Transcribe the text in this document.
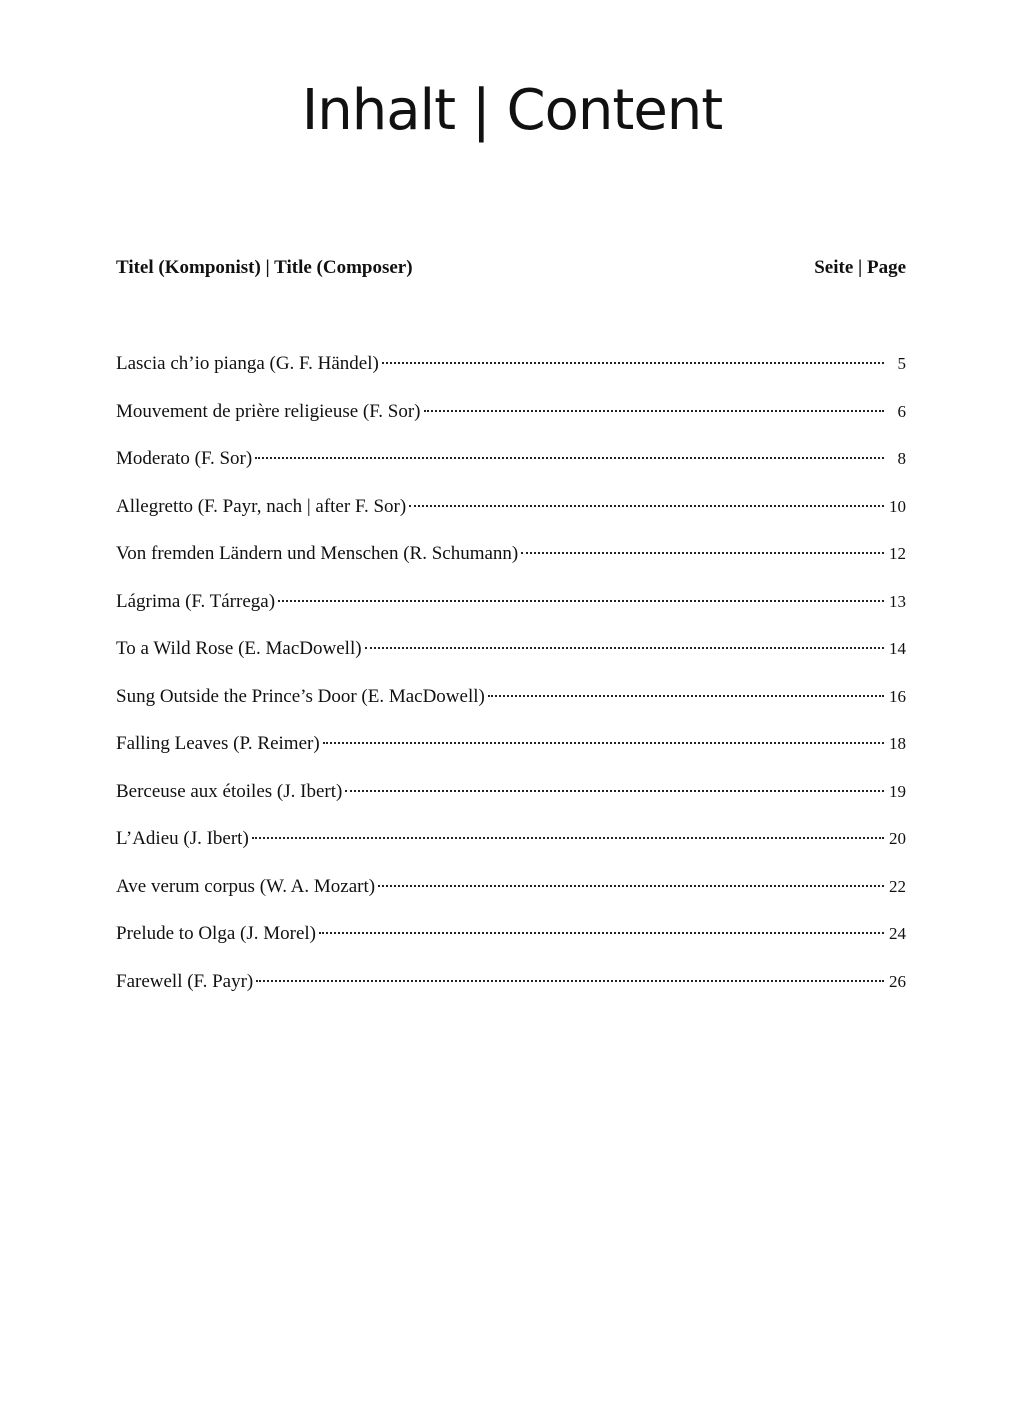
Inhalt | Content
Titel (Komponist) | Title (Composer)	Seite | Page
Lascia ch’io pianga (G. F. Händel)	5
Mouvement de prière religieuse (F. Sor)	6
Moderato (F. Sor)	8
Allegretto (F. Payr, nach | after F. Sor)	10
Von fremden Ländern und Menschen (R. Schumann)	12
Lágrima (F. Tárrega)	13
To a Wild Rose (E. MacDowell)	14
Sung Outside the Prince’s Door (E. MacDowell)	16
Falling Leaves (P. Reimer)	18
Berceuse aux étoiles (J. Ibert)	19
L’Adieu (J. Ibert)	20
Ave verum corpus (W. A. Mozart)	22
Prelude to Olga (J. Morel)	24
Farewell (F. Payr)	26
